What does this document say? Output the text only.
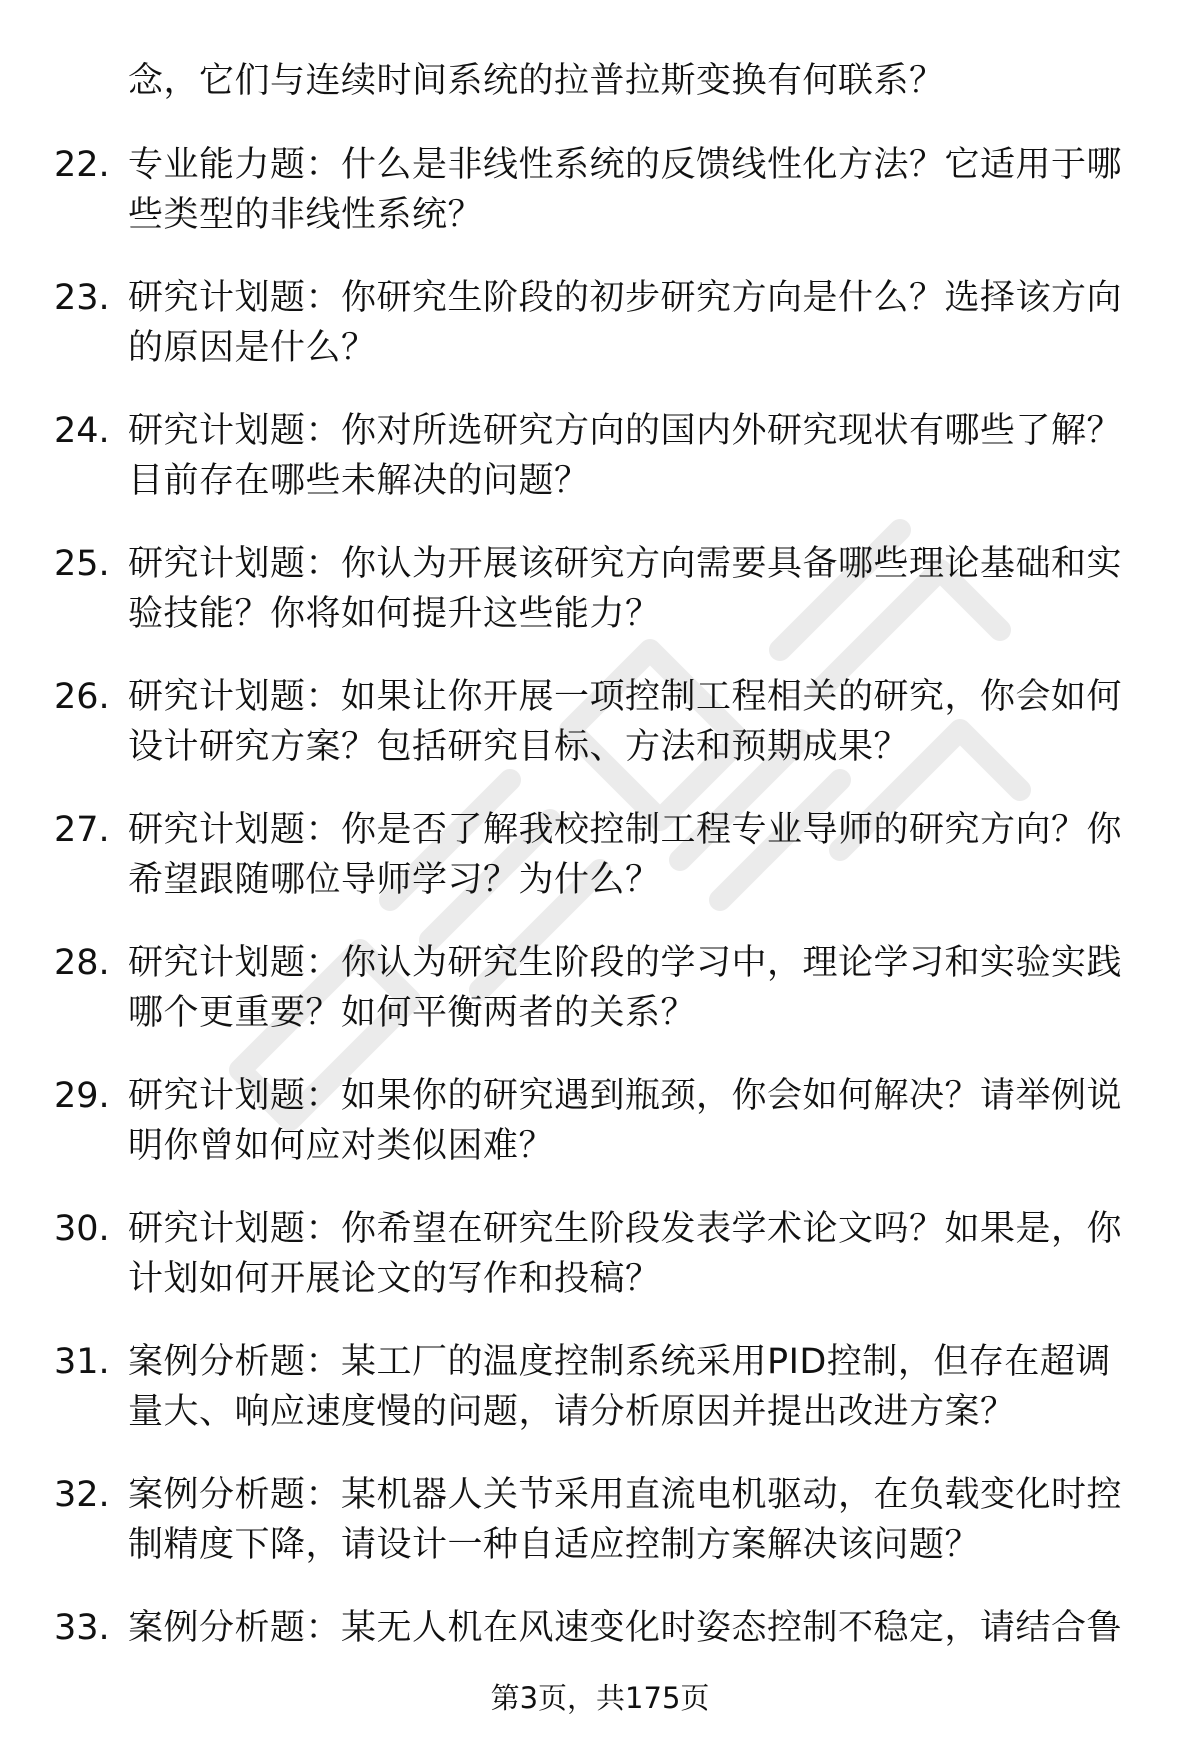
念，它们与连续时间系统的拉普拉斯变换有何联系？
22. 专业能力题：什么是非线性系统的反馈线性化方法？它适用于哪
些类型的非线性系统？
23. 研究计划题：你研究生阶段的初步研究方向是什么？选择该方向
的原因是什么？
24. 研究计划题：你对所选研究方向的国内外研究现状有哪些了解？
目前存在哪些未解决的问题？
25. 研究计划题：你认为开展该研究方向需要具备哪些理论基础和实
验技能？你将如何提升这些能力？
26. 研究计划题：如果让你开展一项控制工程相关的研究，你会如何
设计研究方案？包括研究目标、方法和预期成果？
27. 研究计划题：你是否了解我校控制工程专业导师的研究方向？你
希望跟随哪位导师学习？为什么？
28. 研究计划题：你认为研究生阶段的学习中，理论学习和实验实践
哪个更重要？如何平衡两者的关系？
29. 研究计划题：如果你的研究遇到瓶颈，你会如何解决？请举例说
明你曾如何应对类似困难？
30. 研究计划题：你希望在研究生阶段发表学术论文吗？如果是，你
计划如何开展论文的写作和投稿？
31. 案例分析题：某工厂的温度控制系统采用PID控制，但存在超调
量大、响应速度慢的问题，请分析原因并提出改进方案？
32. 案例分析题：某机器人关节采用直流电机驱动，在负载变化时控
制精度下降，请设计一种自适应控制方案解决该问题？
33. 案例分析题：某无人机在风速变化时姿态控制不稳定，请结合鲁
第3页，共175页
